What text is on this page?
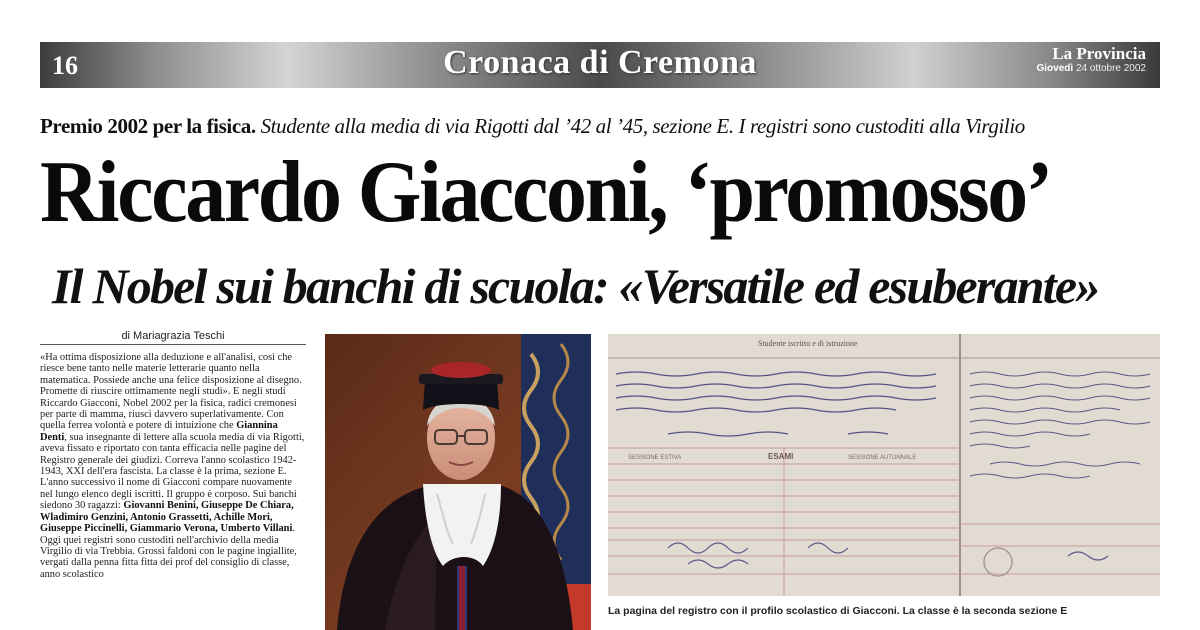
16	Cronaca di Cremona	La Provincia
Giovedì 24 ottobre 2002
Premio 2002 per la fisica. Studente alla media di via Rigotti dal ’42 al ’45, sezione E. I registri sono custoditi alla Virgilio
Riccardo Giacconi, ‘promosso’
Il Nobel sui banchi di scuola: «Versatile ed esuberante»
di Mariagrazia Teschi
«Ha ottima disposizione alla deduzione e all'analisi, così che riesce bene tanto nelle materie letterarie quanto nella matematica. Possiede anche una felice disposizione al disegno. Promette di riuscire ottimamente negli studi». E negli studi Riccardo Giacconi, Nobel 2002 per la fisica, radici cremonesi per parte di mamma, riuscì davvero superlativamente. Con quella ferrea volontà e potere di intuizione che Giannina Denti, sua insegnante di lettere alla scuola media di via Rigotti, aveva fissato e riportato con tanta efficacia nelle pagine del Registro generale dei giudizi. Correva l'anno scolastico 1942-1943, XXI dell'era fascista. La classe è la prima, sezione E. L'anno successivo il nome di Giacconi compare nuovamente nel lungo elenco degli iscritti. Il gruppo è corposo. Sui banchi siedono 30 ragazzi: Giovanni Benini, Giuseppe De Chiara, Wladimiro Genzini, Antonio Grassetti, Achille Mori, Giuseppe Piccinelli, Giammario Verona, Umberto Villani. Oggi quei registri sono custoditi nell'archivio della media Virgilio di via Trebbia. Grossi faldoni con le pagine ingiallite, vergati dalla penna fitta fitta dei prof del consiglio di classe, anno scolastico
Studente iscritto e di istruzione
ESAMI
SESSIONE ESTIVA	SESSIONE AUTUNNALE
La pagina del registro con il profilo scolastico di Giacconi. La classe è la seconda sezione E
